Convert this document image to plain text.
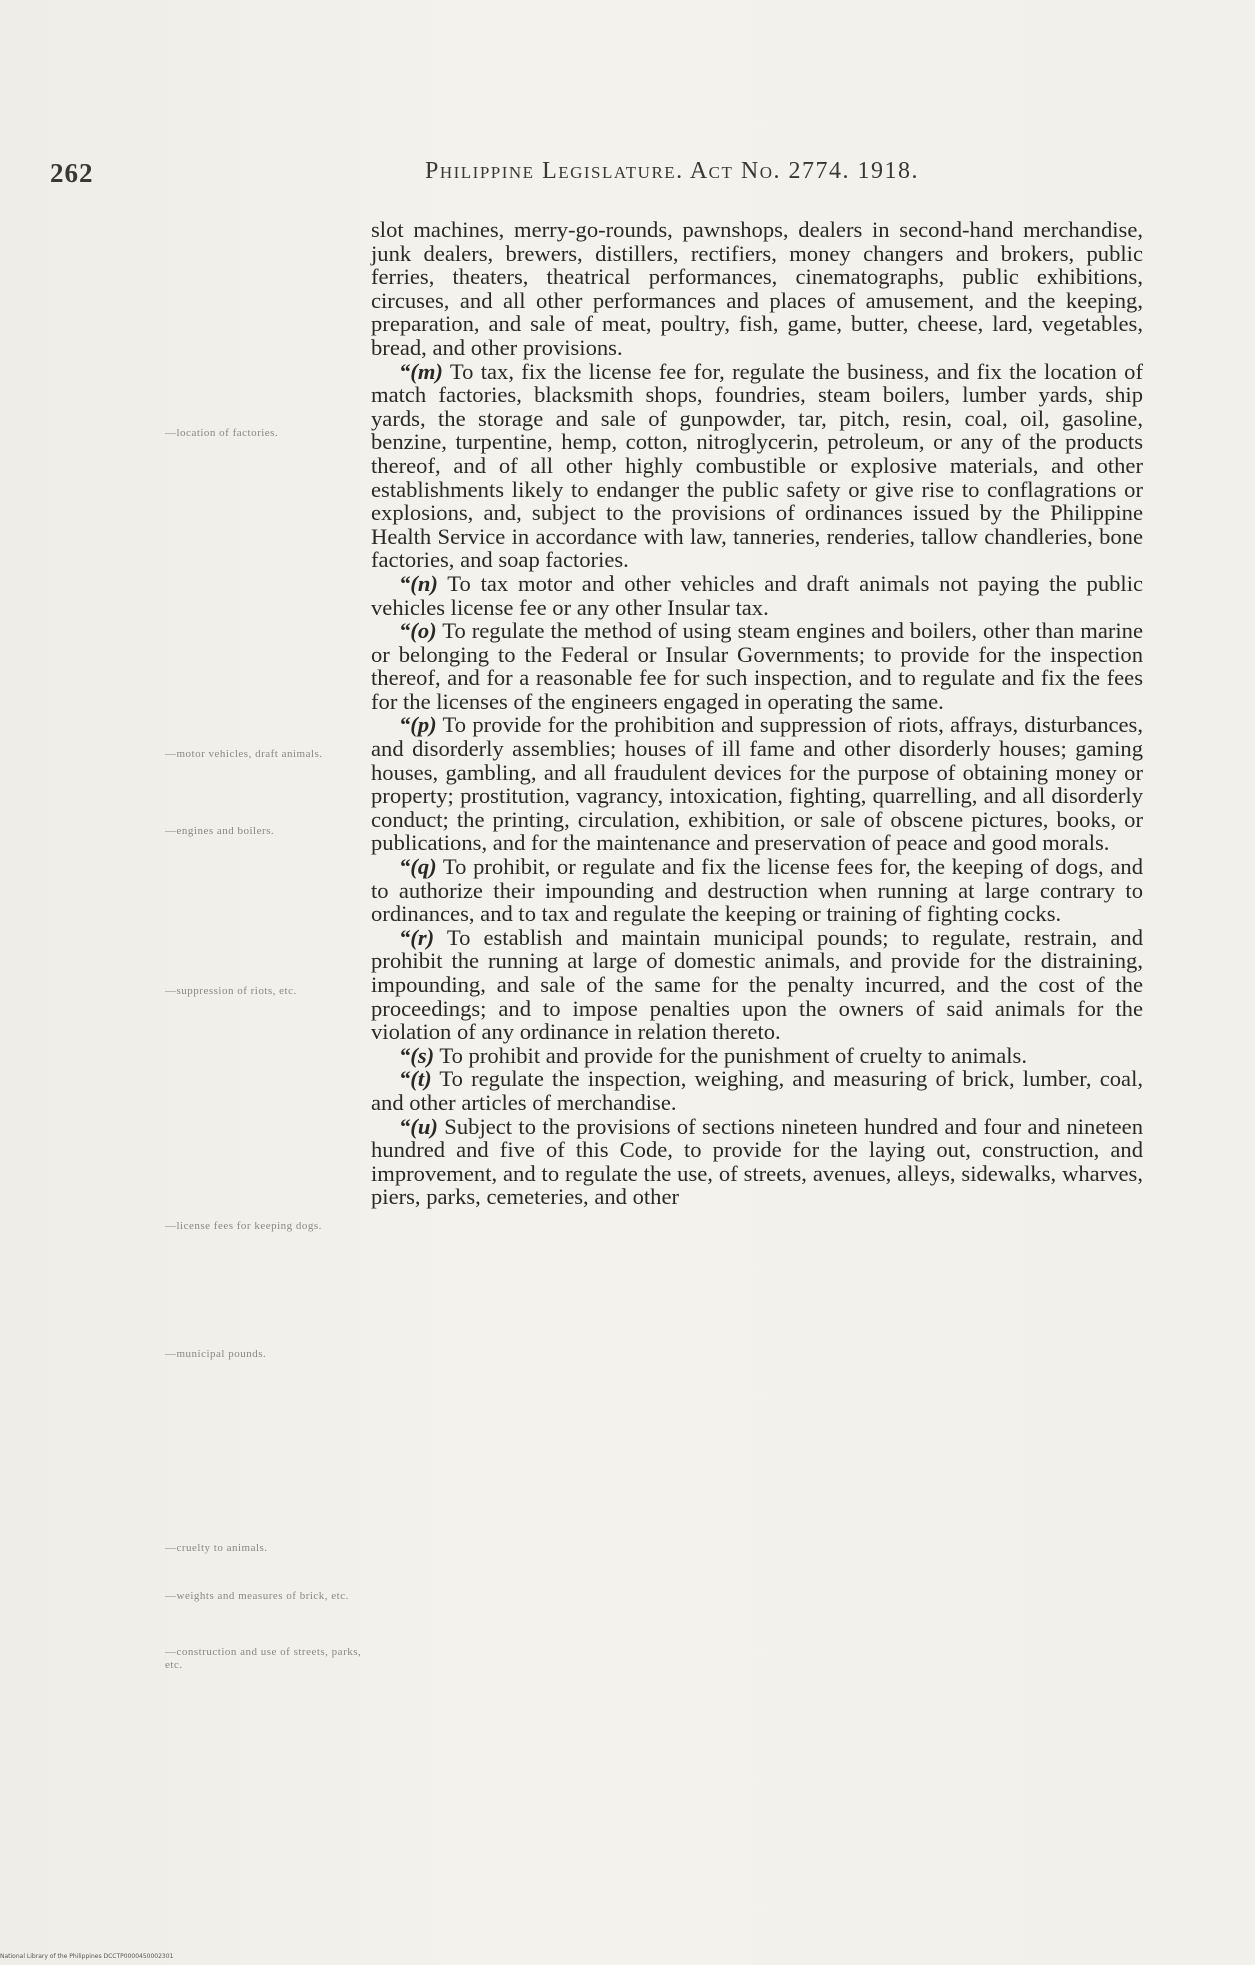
262	Philippine Legislature. Act No. 2774. 1918.

slot machines, merry-go-rounds, pawnshops, dealers in second-hand merchandise, junk dealers, brewers, distillers, rectifiers, money changers and brokers, public ferries, theaters, theatrical performances, cinematographs, public exhibitions, circuses, and all other performances and places of amusement, and the keeping, preparation, and sale of meat, poultry, fish, game, butter, cheese, lard, vegetables, bread, and other provisions.

“(m) To tax, fix the license fee for, regulate the business, and fix the location of match factories, blacksmith shops, foundries, steam boilers, lumber yards, ship yards, the storage and sale of gunpowder, tar, pitch, resin, coal, oil, gasoline, benzine, turpentine, hemp, cotton, nitroglycerin, petroleum, or any of the products thereof, and of all other highly combustible or explosive materials, and other establishments likely to endanger the public safety or give rise to conflagrations or explosions, and, subject to the provisions of ordinances issued by the Philippine Health Service in accordance with law, tanneries, renderies, tallow chandleries, bone factories, and soap factories.

“(n) To tax motor and other vehicles and draft animals not paying the public vehicles license fee or any other Insular tax.

“(o) To regulate the method of using steam engines and boilers, other than marine or belonging to the Federal or Insular Governments; to provide for the inspection thereof, and for a reasonable fee for such inspection, and to regulate and fix the fees for the licenses of the engineers engaged in operating the same.

“(p) To provide for the prohibition and suppression of riots, affrays, disturbances, and disorderly assemblies; houses of ill fame and other disorderly houses; gaming houses, gambling, and all fraudulent devices for the purpose of obtaining money or property; prostitution, vagrancy, intoxication, fighting, quarrelling, and all disorderly conduct; the printing, circulation, exhibition, or sale of obscene pictures, books, or publications, and for the maintenance and preservation of peace and good morals.

“(q) To prohibit, or regulate and fix the license fees for, the keeping of dogs, and to authorize their impounding and destruction when running at large contrary to ordinances, and to tax and regulate the keeping or training of fighting cocks.

“(r) To establish and maintain municipal pounds; to regulate, restrain, and prohibit the running at large of domestic animals, and provide for the distraining, impounding, and sale of the same for the penalty incurred, and the cost of the proceedings; and to impose penalties upon the owners of said animals for the violation of any ordinance in relation thereto.

“(s) To prohibit and provide for the punishment of cruelty to animals.

“(t) To regulate the inspection, weighing, and measuring of brick, lumber, coal, and other articles of merchandise.

“(u) Subject to the provisions of sections nineteen hundred and four and nineteen hundred and five of this Code, to provide for the laying out, construction, and improvement, and to regulate the use, of streets, avenues, alleys, sidewalks, wharves, piers, parks, cemeteries, and other

—location of factories.
—motor vehicles, draft animals.
—engines and boilers.
—suppression of riots, etc.
—license fees for keeping dogs.
—municipal pounds.
—cruelty to animals.
—weights and measures of brick, etc.
—construction and use of streets, parks, etc.
National Library of the Philippines DCCTP0000450002301
